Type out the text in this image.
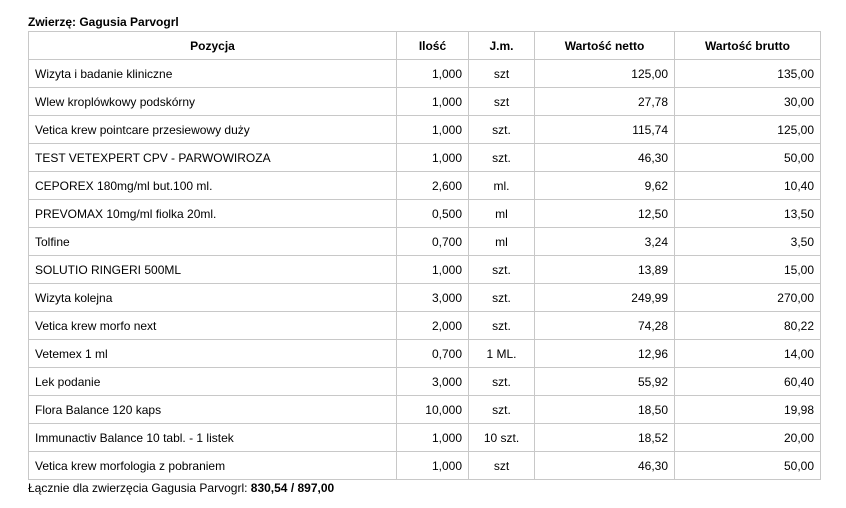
Zwierzę: Gagusia Parvogrl
Pozycja	Ilość	J.m.	Wartość netto	Wartość brutto
Wizyta i badanie kliniczne	1,000	szt	125,00	135,00
Wlew kroplówkowy podskórny	1,000	szt	27,78	30,00
Vetica krew pointcare przesiewowy duży	1,000	szt.	115,74	125,00
TEST VETEXPERT CPV - PARWOWIROZA	1,000	szt.	46,30	50,00
CEPOREX 180mg/ml but.100 ml.	2,600	ml.	9,62	10,40
PREVOMAX 10mg/ml fiolka 20ml.	0,500	ml	12,50	13,50
Tolfine	0,700	ml	3,24	3,50
SOLUTIO RINGERI 500ML	1,000	szt.	13,89	15,00
Wizyta kolejna	3,000	szt.	249,99	270,00
Vetica krew morfo next	2,000	szt.	74,28	80,22
Vetemex 1 ml	0,700	1 ML.	12,96	14,00
Lek podanie	3,000	szt.	55,92	60,40
Flora Balance 120 kaps	10,000	szt.	18,50	19,98
Immunactiv Balance 10 tabl. - 1 listek	1,000	10 szt.	18,52	20,00
Vetica krew morfologia z pobraniem	1,000	szt	46,30	50,00
Łącznie dla zwierzęcia Gagusia Parvogrl: 830,54 / 897,00
